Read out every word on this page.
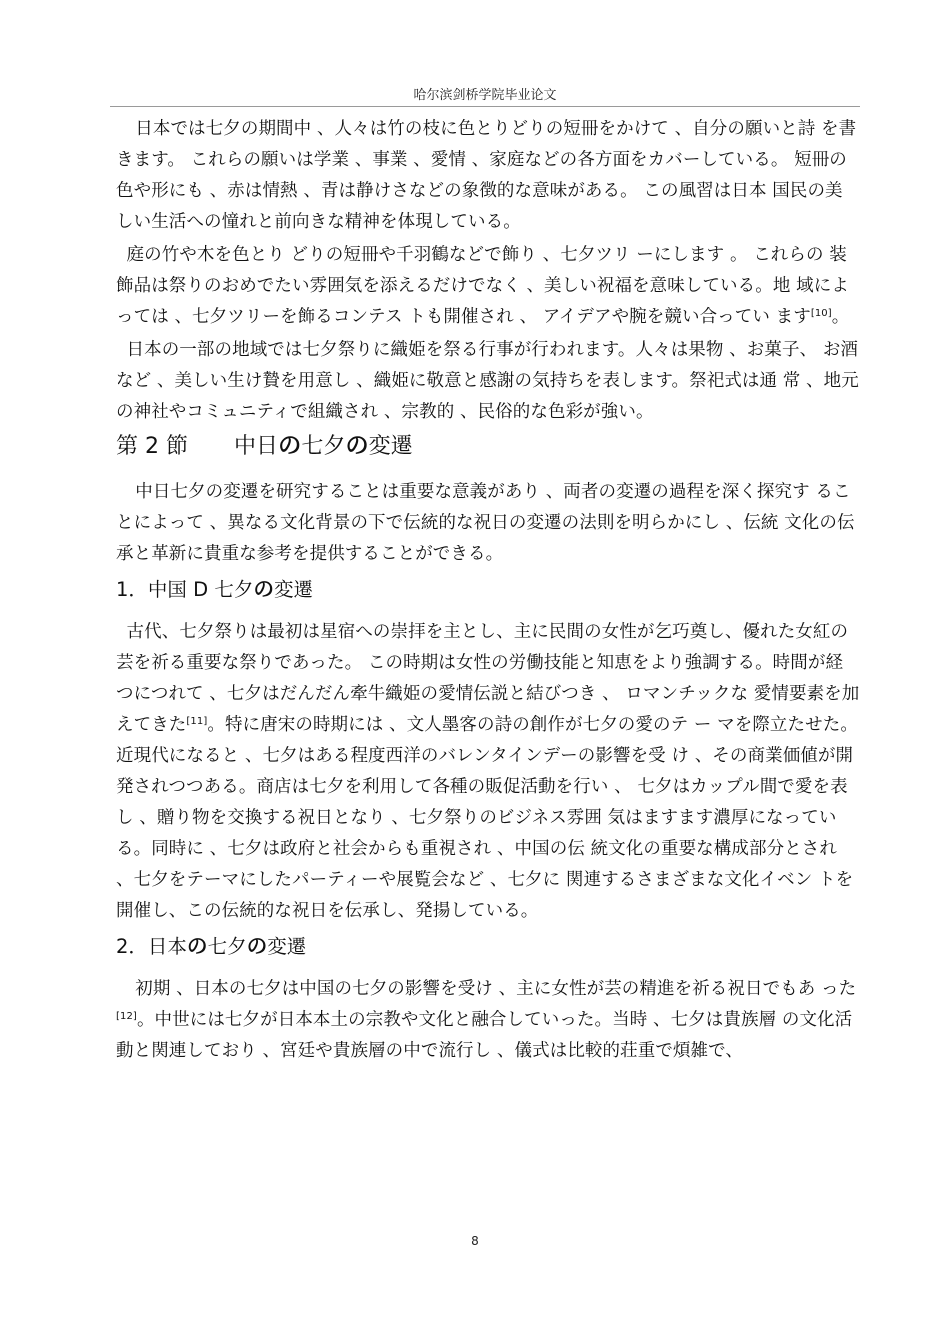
哈尔滨剑桥学院毕业论文

日本では七夕の期間中 、人々は竹の枝に色とりどりの短冊をかけて 、自分の願いと詩 を書きます。 これらの願いは学業 、事業 、愛情 、家庭などの各方面をカバーしている。 短冊の色や形にも 、赤は情熱 、青は静けさなどの象徴的な意味がある。 この風習は日本 国民の美しい生活への憧れと前向きな精神を体現している。

庭の竹や木を色とり どりの短冊や千羽鶴などで飾り 、七夕ツリ ーにします 。 これらの 装飾品は祭りのおめでたい雰囲気を添えるだけでなく 、美しい祝福を意味している。地 域によっては 、七夕ツリーを飾るコンテス トも開催され 、 アイデアや腕を競い合ってい ます[10]。

日本の一部の地域では七夕祭りに織姫を祭る行事が行われます。人々は果物 、お菓子、 お酒など 、美しい生け贄を用意し 、織姫に敬意と感謝の気持ちを表します。祭祀式は通 常 、地元の神社やコミュニティで組織され 、宗教的 、民俗的な色彩が強い。

第 2 節 中日の七夕の変遷

中日七夕の変遷を研究することは重要な意義があり 、両者の変遷の過程を深く探究す ることによって 、異なる文化背景の下で伝統的な祝日の変遷の法則を明らかにし 、伝統 文化の伝承と革新に貴重な参考を提供することができる。

1．中国 D 七夕の変遷

古代、七夕祭りは最初は星宿への崇拝を主とし、主に民間の女性が乞巧奠し、優れた女紅の芸を祈る重要な祭りであった。 この時期は女性の労働技能と知恵をより強調する。時間が経つにつれて 、七夕はだんだん牽牛織姫の愛情伝説と結びつき 、 ロマンチックな 愛情要素を加えてきた[11]。特に唐宋の時期には 、文人墨客の詩の創作が七夕の愛のテ ー マを際立たせた。近現代になると 、七夕はある程度西洋のバレンタインデーの影響を受 け 、その商業価値が開発されつつある。商店は七夕を利用して各種の販促活動を行い 、 七夕はカップル間で愛を表し 、贈り物を交換する祝日となり 、七夕祭りのビジネス雰囲 気はますます濃厚になっている。同時に 、七夕は政府と社会からも重視され 、中国の伝 統文化の重要な構成部分とされ 、七夕をテーマにしたパーティーや展覧会など 、七夕に 関連するさまざまな文化イベン トを開催し、この伝統的な祝日を伝承し、発揚している。

2．日本の七夕の変遷

初期 、日本の七夕は中国の七夕の影響を受け 、主に女性が芸の精進を祈る祝日でもあ った[12]。中世には七夕が日本本土の宗教や文化と融合していった。当時 、七夕は貴族層 の文化活動と関連しており 、宮廷や貴族層の中で流行し 、儀式は比較的荘重で煩雑で、

8
